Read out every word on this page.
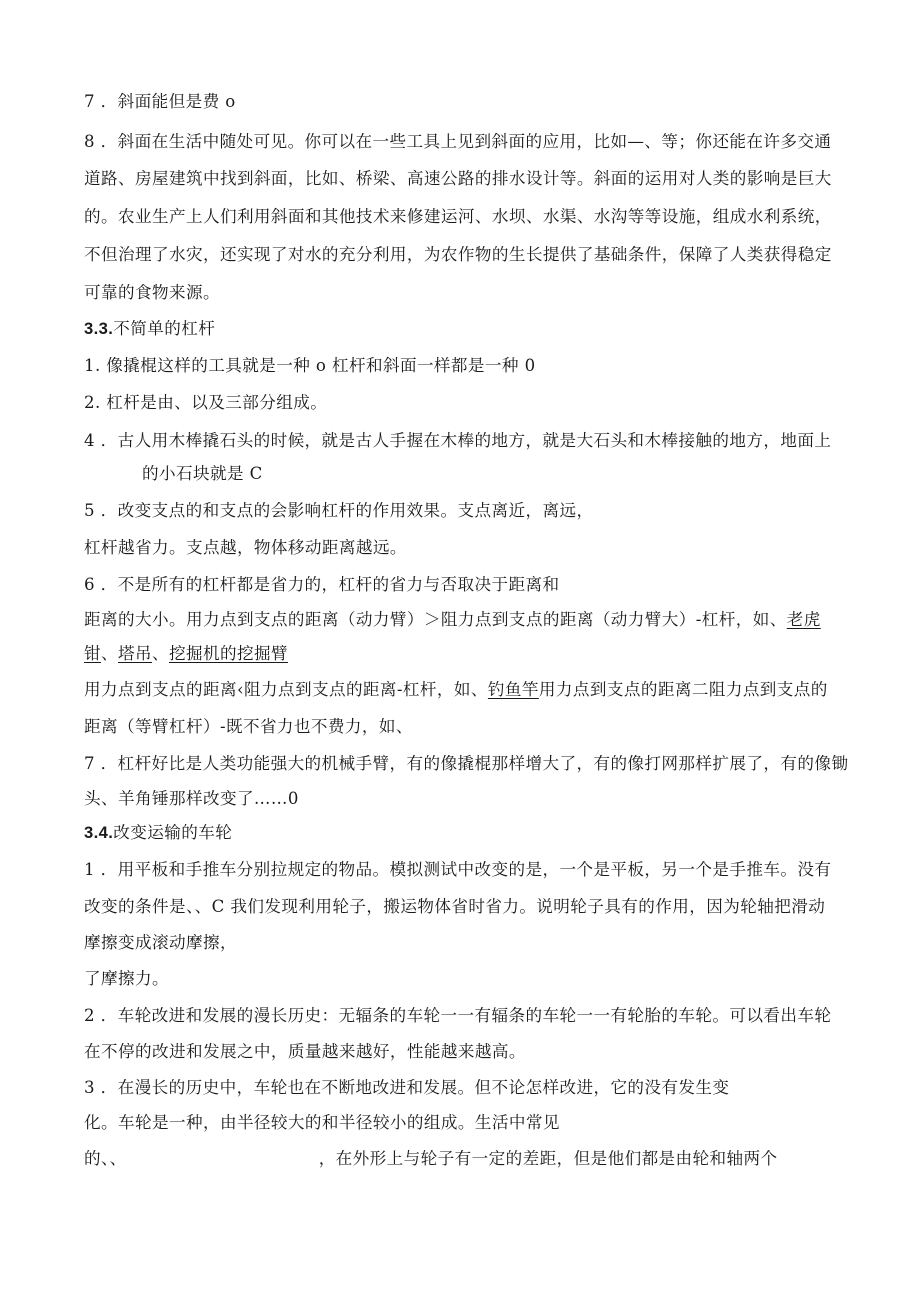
7 ．斜面能但是费 o
8 ．斜面在生活中随处可见。你可以在一些工具上见到斜面的应用，比如—、等；你还能在许多交通
道路、房屋建筑中找到斜面，比如、桥梁、高速公路的排水设计等。斜面的运用对人类的影响是巨大
的。农业生产上人们利用斜面和其他技术来修建运河、水坝、水渠、水沟等等设施，组成水利系统，
不但治理了水灾，还实现了对水的充分利用，为农作物的生长提供了基础条件，保障了人类获得稳定
可靠的食物来源。
3.3.不简单的杠杆
1. 像撬棍这样的工具就是一种 o 杠杆和斜面一样都是一种 0
2. 杠杆是由、以及三部分组成。
4 ．古人用木棒撬石头的时候，就是古人手握在木棒的地方，就是大石头和木棒接触的地方，地面上
的小石块就是 C
5 ．改变支点的和支点的会影响杠杆的作用效果。支点离近，离远，
杠杆越省力。支点越，物体移动距离越远。
6 ．不是所有的杠杆都是省力的，杠杆的省力与否取决于距离和
距离的大小。用力点到支点的距离（动力臂）＞阻力点到支点的距离（动力臂大）-杠杆，如、老虎
钳、塔吊、挖掘机的挖掘臂
用力点到支点的距离‹阻力点到支点的距离-杠杆，如、钓鱼竿用力点到支点的距离二阻力点到支点的
距离（等臂杠杆）-既不省力也不费力，如、
7 ．杠杆好比是人类功能强大的机械手臂，有的像撬棍那样增大了，有的像打网那样扩展了，有的像锄
头、羊角锤那样改变了……0
3.4.改变运输的车轮
1 ．用平板和手推车分别拉规定的物品。模拟测试中改变的是，一个是平板，另一个是手推车。没有
改变的条件是、、C 我们发现利用轮子，搬运物体省时省力。说明轮子具有的作用，因为轮轴把滑动
摩擦变成滚动摩擦，
了摩擦力。
2 ．车轮改进和发展的漫长历史：无辐条的车轮一一有辐条的车轮一一有轮胎的车轮。可以看出车轮
在不停的改进和发展之中，质量越来越好，性能越来越高。
3 ．在漫长的历史中，车轮也在不断地改进和发展。但不论怎样改进，它的没有发生变
化。车轮是一种，由半径较大的和半径较小的组成。生活中常见
的、、	，在外形上与轮子有一定的差距，但是他们都是由轮和轴两个
